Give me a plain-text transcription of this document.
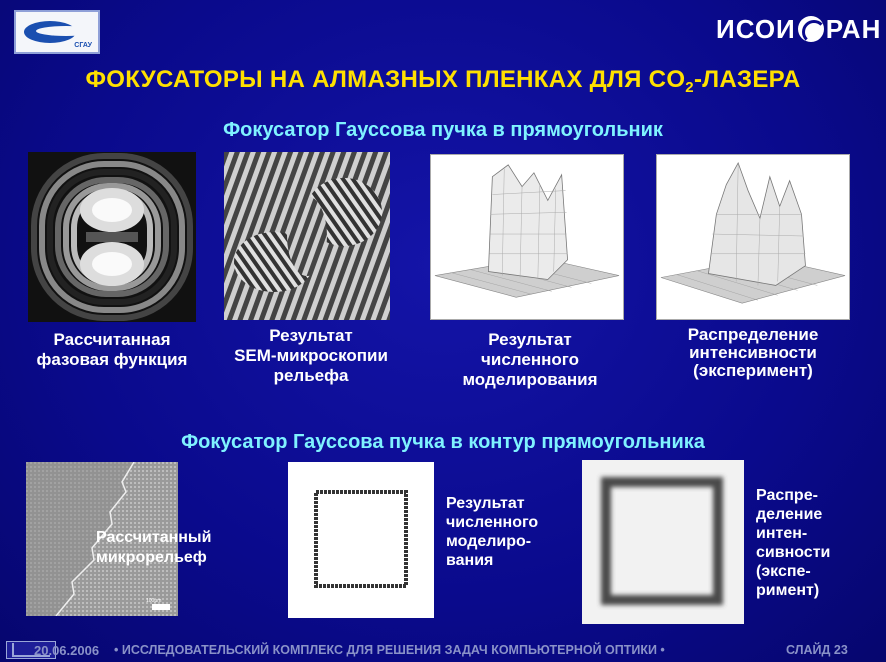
СГАУ
ИСОИ РАН
ФОКУСАТОРЫ НА АЛМАЗНЫХ ПЛЕНКАХ ДЛЯ $CO_2$-ЛАЗЕРА
Фокусатор Гауссова пучка в прямоугольник
Рассчитанная
фазовая функция
Результат
SEM-микроскопии
рельефа
Результат
численного
моделирования
Распределение
интенсивности
(эксперимент)
Фокусатор Гауссова пучка в контур прямоугольника
100μm
Рассчитанный
микрорельеф
Результат
численного
моделиро-
вания
Распре-
деление
интен-
сивности
(экспе-
римент)
20.06.2006 • ИССЛЕДОВАТЕЛЬСКИЙ КОМПЛЕКС ДЛЯ РЕШЕНИЯ ЗАДАЧ КОМПЬЮТЕРНОЙ ОПТИКИ •	СЛАЙД 23
